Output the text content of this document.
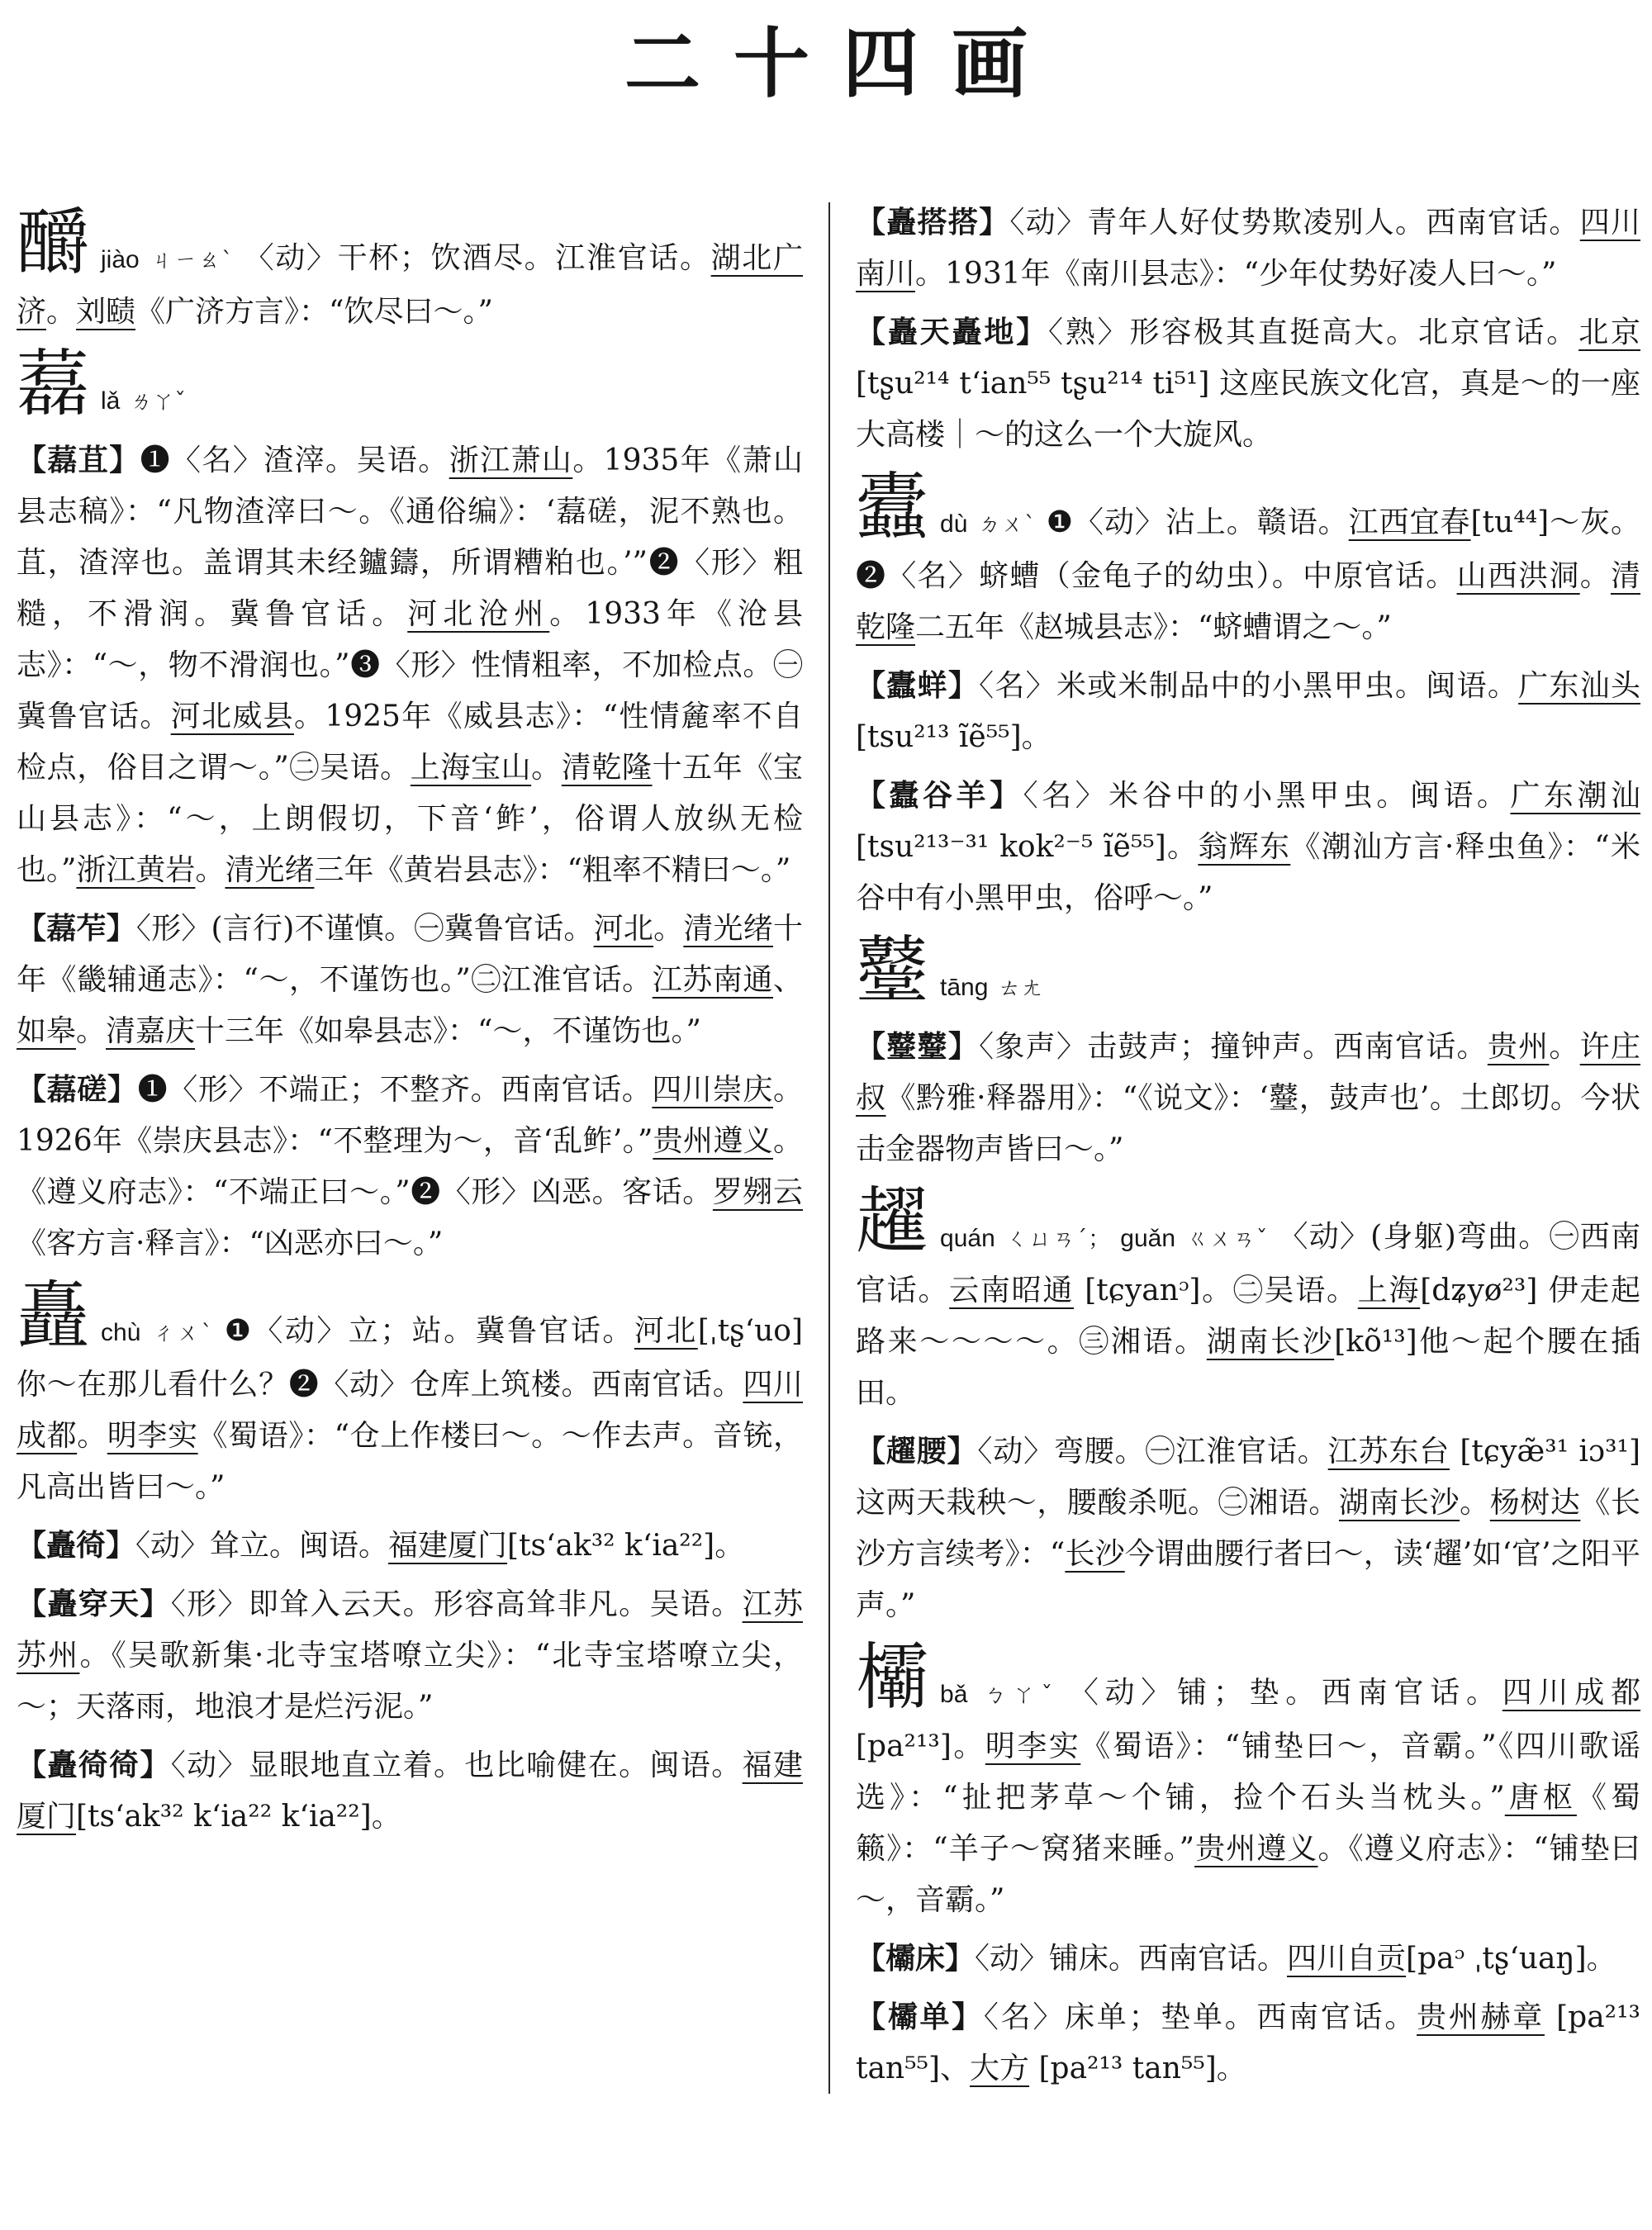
二十四画

釂jiào ㄐㄧㄠˋ 〈动〉干杯；饮酒尽。江淮官话。湖北广济。刘赜《广济方言》：“饮尽曰～。”

藞lǎ ㄌㄚˇ

【藞苴】❶〈名〉渣滓。吴语。浙江萧山。1935年《萧山县志稿》：“凡物渣滓曰～。《通俗编》：‘藞磋，泥不熟也。苴，渣滓也。盖谓其未经鑪鑄，所谓糟粕也。’”❷〈形〉粗糙，不滑润。冀鲁官话。河北沧州。1933年《沧县志》：“～，物不滑润也。”❸〈形〉性情粗率，不加检点。㊀冀鲁官话。河北威县。1925年《威县志》：“性情麄率不自检点，俗目之谓～。”㊁吴语。上海宝山。清乾隆十五年《宝山县志》：“～，上朗假切，下音‘鲊’，俗谓人放纵无检也。”浙江黄岩。清光绪三年《黄岩县志》：“粗率不精曰～。”

【藞苲】〈形〉(言行)不谨慎。㊀冀鲁官话。河北。清光绪十年《畿辅通志》：“～，不谨饬也。”㊁江淮官话。江苏南通、如皋。清嘉庆十三年《如皋县志》：“～，不谨饬也。”

【藞磋】❶〈形〉不端正；不整齐。西南官话。四川崇庆。1926年《崇庆县志》：“不整理为～，音‘乱鲊’。”贵州遵义。《遵义府志》：“不端正曰～。”❷〈形〉凶恶。客话。罗翙云《客方言·释言》：“凶恶亦曰～。”

矗chù ㄔㄨˋ ❶〈动〉立；站。冀鲁官话。河北[ˌtʂʻuo] 你～在那儿看什么？❷〈动〉仓库上筑楼。西南官话。四川成都。明李实《蜀语》：“仓上作楼曰～。～作去声。音铳，凡高出皆曰～。”

【矗徛】〈动〉耸立。闽语。福建厦门[tsʻak³² kʻia²²]。

【矗穿天】〈形〉即耸入云天。形容高耸非凡。吴语。江苏苏州。《吴歌新集·北寺宝塔嘹立尖》：“北寺宝塔嘹立尖，～；天落雨，地浪才是烂污泥。”

【矗徛徛】〈动〉显眼地直立着。也比喻健在。闽语。福建厦门[tsʻak³² kʻia²² kʻia²²]。

【矗搭搭】〈动〉青年人好仗势欺凌别人。西南官话。四川南川。1931年《南川县志》：“少年仗势好凌人曰～。”

【矗天矗地】〈熟〉形容极其直挺高大。北京官话。北京 [tʂu²¹⁴ tʻian⁵⁵ tʂu²¹⁴ ti⁵¹] 这座民族文化宫，真是～的一座大高楼｜～的这么一个大旋风。

蠹dù ㄉㄨˋ ❶〈动〉沾上。赣语。江西宜春[tu⁴⁴]～灰。❷〈名〉蛴螬（金龟子的幼虫）。中原官话。山西洪洞。清乾隆二五年《赵城县志》：“蛴螬谓之～。”

【蠹蛘】〈名〉米或米制品中的小黑甲虫。闽语。广东汕头 [tsu²¹³ ĩẽ⁵⁵]。

【蠹谷羊】〈名〉米谷中的小黑甲虫。闽语。广东潮汕[tsu²¹³⁻³¹ kok²⁻⁵ ĩẽ⁵⁵]。翁辉东《潮汕方言·释虫鱼》：“米谷中有小黑甲虫，俗呼～。”

鼞tāng ㄊㄤ

【鼞鼞】〈象声〉击鼓声；撞钟声。西南官话。贵州。许庄叔《黔雅·释器用》：“《说文》：‘鼞，鼓声也’。土郎切。今状击金器物声皆曰～。”

趯quán ㄑㄩㄢˊ； guǎn ㄍㄨㄢˇ 〈动〉(身躯)弯曲。㊀西南官话。云南昭通 [tɕyanᵓ]。㊁吴语。上海[dʑyø²³] 伊走起路来～～～～。㊂湘语。湖南长沙[kõ¹³]他～起个腰在插田。

【趯腰】〈动〉弯腰。㊀江淮官话。江苏东台 [tɕyæ̃³¹ iɔ³¹] 这两天栽秧～，腰酸杀呃。㊁湘语。湖南长沙。杨树达《长沙方言续考》：“长沙今谓曲腰行者曰～，读‘趯’如‘官’之阳平声。”

欛bǎ ㄅㄚˇ 〈动〉铺；垫。西南官话。四川成都[pa²¹³]。明李实《蜀语》：“铺垫曰～，音霸。”《四川歌谣选》：“扯把茅草～个铺，捡个石头当枕头。”唐枢《蜀籁》：“羊子～窝猪来睡。”贵州遵义。《遵义府志》：“铺垫曰～，音霸。”

【欛床】〈动〉铺床。西南官话。四川自贡[paᵓ ˌtʂʻuaŋ]。

【欛单】〈名〉床单；垫单。西南官话。贵州赫章 [pa²¹³ tan⁵⁵]、大方 [pa²¹³ tan⁵⁵]。
